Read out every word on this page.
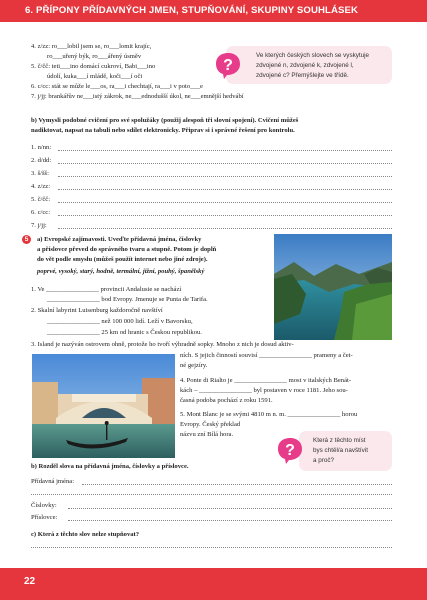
6. PŘÍPONY PŘÍDAVNÝCH JMEN, STUPŇOVÁNÍ, SKUPINY SOUHLÁSEK
4. z/zz: ro___lobil jsem se, ro___lomit krajíc,
ro___uřený býk, ro___ářený úsměv
5. č/čč: teti___ino domácí cukroví, Babi___ino
údolí, kuka___í mládě, koči___í oči
6. c/cc: stát se může le___os, ra___i chechtají, ra___i v poto___e
7. j/jj: brankářův ne___istý zákrok, ne___ednodušší úkol, ne___emnější hedvábí
?
Ve kterých českých slovech se vyskytuje
zdvojené n, zdvojené k, zdvojené l,
zdvojené c? Přemýšlejte ve třídě.
b) Vymysli podobné cvičení pro své spolužáky (použij alespoň tři slovní spojení). Cvičení můžeš
nadiktovat, napsat na tabuli nebo sdílet elektronicky. Připrav si i správné řešení pro kontrolu.
1. n/nn:
2. d/dd:
3. š/šš:
4. z/zz:
5. č/čč:
6. c/cc:
7. j/jj:
5	a) Evropské zajímavosti. Uveďte přídavná jména, číslovky
a příslovce převed do správného tvaru a stupně. Potom je doplň
do vět podle smyslu (můžeš použít internet nebo jiné zdroje).
poprvé, vysoký, starý, hodně, termální, jižní, pouhý, španělský
1. Ve ________________ provincii Andalusie se nachází
________________ bod Evropy. Jmenuje se Punta de Tarifa.
2. Skalní labyrint Luisenburg každoročně navštíví
________________ než 100 000 lidí. Leží v Bavorsku,
________________ 25 km od hranic s Českou republikou.
3. Island je nazýván ostrovem ohně, protože ho tvoří výhradně sopky. Mnoho z nich je dosud aktiv-
ních. S jejich činností souvisí ________________ prameny a čet-
né gejzíry.
4. Ponte di Rialto je ________________ most v italských Benát-
kách – ________________ byl postaven v roce 1181. Jeho sou-
časná podoba pochází z roku 1591.
5. Mont Blanc je se svými 4810 m n. m. ________________ horou
Evropy. Český překlad
názvu zní Bílá hora.
?
Která z těchto míst
bys chtěl/a navštívit
a proč?
b) Rozděl slova na přídavná jména, číslovky a příslovce.
Přídavná jména:
Číslovky:
Příslovce:
c) Která z těchto slov nelze stupňovat?
22
